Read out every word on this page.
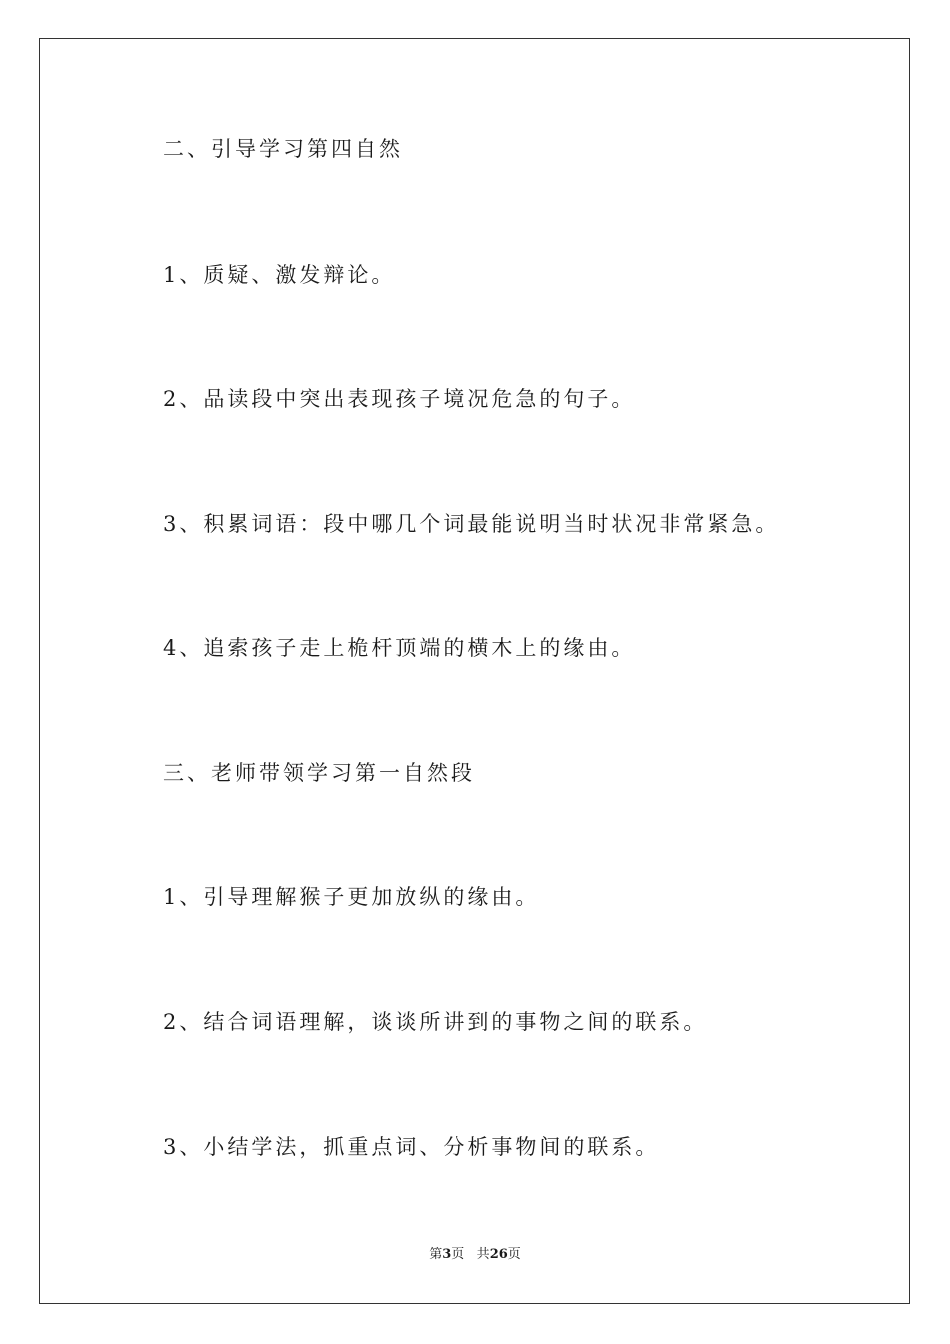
二、引导学习第四自然
1、质疑、激发辩论。
2、品读段中突出表现孩子境况危急的句子。
3、积累词语：段中哪几个词最能说明当时状况非常紧急。
4、追索孩子走上桅杆顶端的横木上的缘由。
三、老师带领学习第一自然段
1、引导理解猴子更加放纵的缘由。
2、结合词语理解，谈谈所讲到的事物之间的联系。
3、小结学法，抓重点词、分析事物间的联系。
第3页 共26页
